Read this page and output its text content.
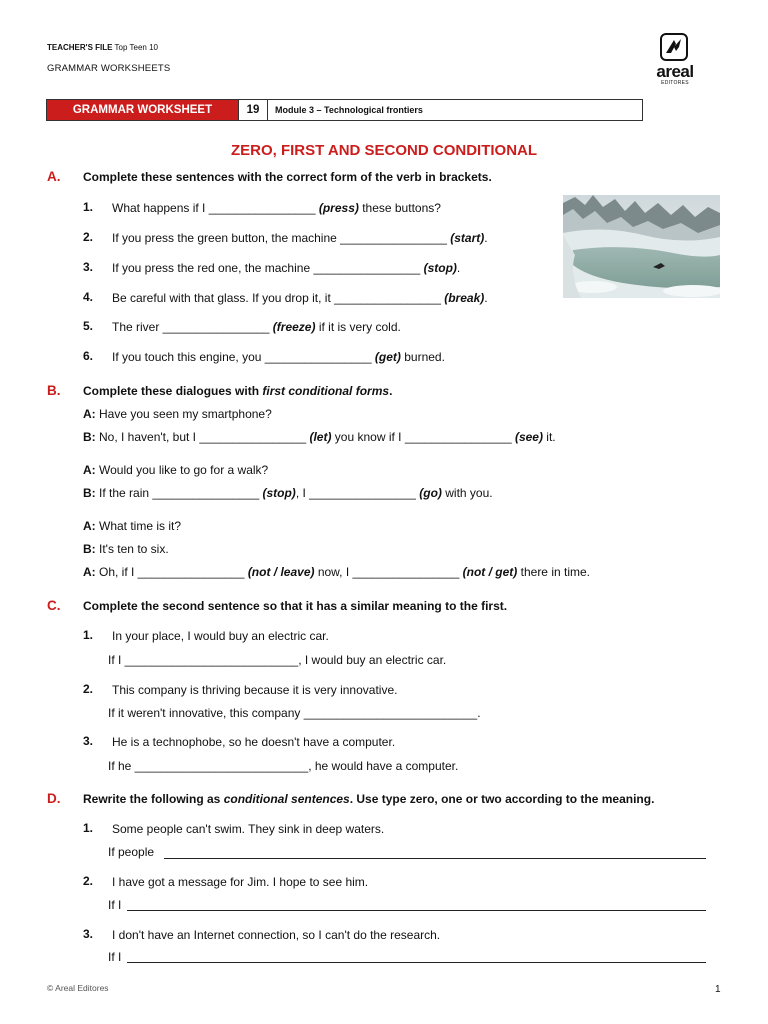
TEACHER'S FILE Top Teen 10
GRAMMAR WORKSHEETS	areal
EDITORES
GRAMMAR WORKSHEET	19	Module 3 – Technological frontiers
ZERO, FIRST AND SECOND CONDITIONAL
A. Complete these sentences with the correct form of the verb in brackets.
1. What happens if I ________________ (press) these buttons?
2. If you press the green button, the machine ________________ (start).
3. If you press the red one, the machine ________________ (stop).
4. Be careful with that glass. If you drop it, it ________________ (break).
5. The river ________________ (freeze) if it is very cold.
6. If you touch this engine, you ________________ (get) burned.
B. Complete these dialogues with first conditional forms.
A: Have you seen my smartphone?
B: No, I haven't, but I ________________ (let) you know if I ________________ (see) it.
A: Would you like to go for a walk?
B: If the rain ________________ (stop), I ________________ (go) with you.
A: What time is it?
B: It's ten to six.
A: Oh, if I ________________ (not / leave) now, I ________________ (not / get) there in time.
C. Complete the second sentence so that it has a similar meaning to the first.
1. In your place, I would buy an electric car.
If I __________________________, I would buy an electric car.
2. This company is thriving because it is very innovative.
If it weren't innovative, this company __________________________.
3. He is a technophobe, so he doesn't have a computer.
If he __________________________, he would have a computer.
D. Rewrite the following as conditional sentences. Use type zero, one or two according to the meaning.
1. Some people can't swim. They sink in deep waters.
If people
2. I have got a message for Jim. I hope to see him.
If I
3. I don't have an Internet connection, so I can't do the research.
If I
© Areal Editores	1
